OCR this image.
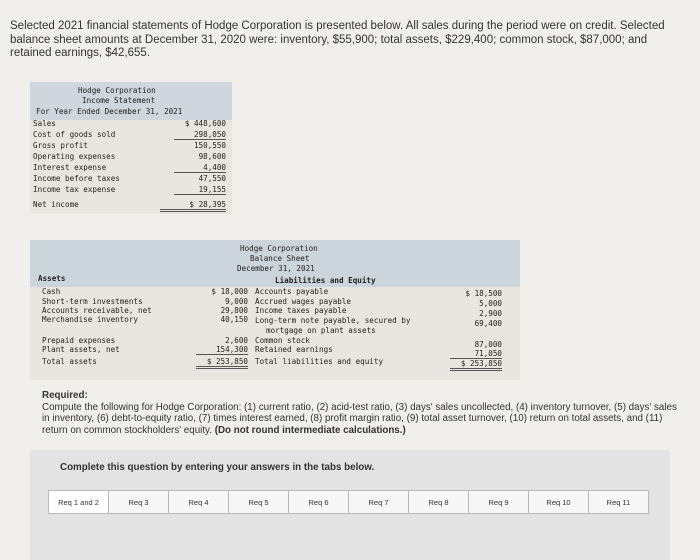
Selected 2021 financial statements of Hodge Corporation is presented below. All sales during the period were on credit. Selected balance sheet amounts at December 31, 2020 were: inventory, $55,900; total assets, $229,400; common stock, $87,000; and retained earnings, $42,655.
Hodge Corporation
Income Statement
For Year Ended December 31, 2021
Sales	$ 448,600
Cost of goods sold	298,050
Gross profit	150,550
Operating expenses	98,600
Interest expense	4,400
Income before taxes	47,550
Income tax expense	19,155
Net income	$ 28,395
Hodge Corporation
Balance Sheet
December 31, 2021
Assets	Liabilities and Equity
Cash	$ 18,000
Short-term investments	9,000
Accounts receivable, net	29,800
Merchandise inventory	40,150
Prepaid expenses	2,600
Plant assets, net	154,300
Total assets	$ 253,850
Accounts payable	$ 18,500
Accrued wages payable	5,000
Income taxes payable	2,900
Long-term note payable, secured by	69,400
mortgage on plant assets
Common stock	87,000
Retained earnings	71,050
Total liabilities and equity	$ 253,850
Required:
Compute the following for Hodge Corporation: (1) current ratio, (2) acid-test ratio, (3) days' sales uncollected, (4) inventory turnover, (5) days' sales in inventory, (6) debt-to-equity ratio, (7) times interest earned, (8) profit margin ratio, (9) total asset turnover, (10) return on total assets, and (11) return on common stockholders' equity. (Do not round intermediate calculations.)
Complete this question by entering your answers in the tabs below.
Req 1 and 2	Req 3	Req 4	Req 5	Req 6	Req 7	Req 8	Req 9	Req 10	Req 11
